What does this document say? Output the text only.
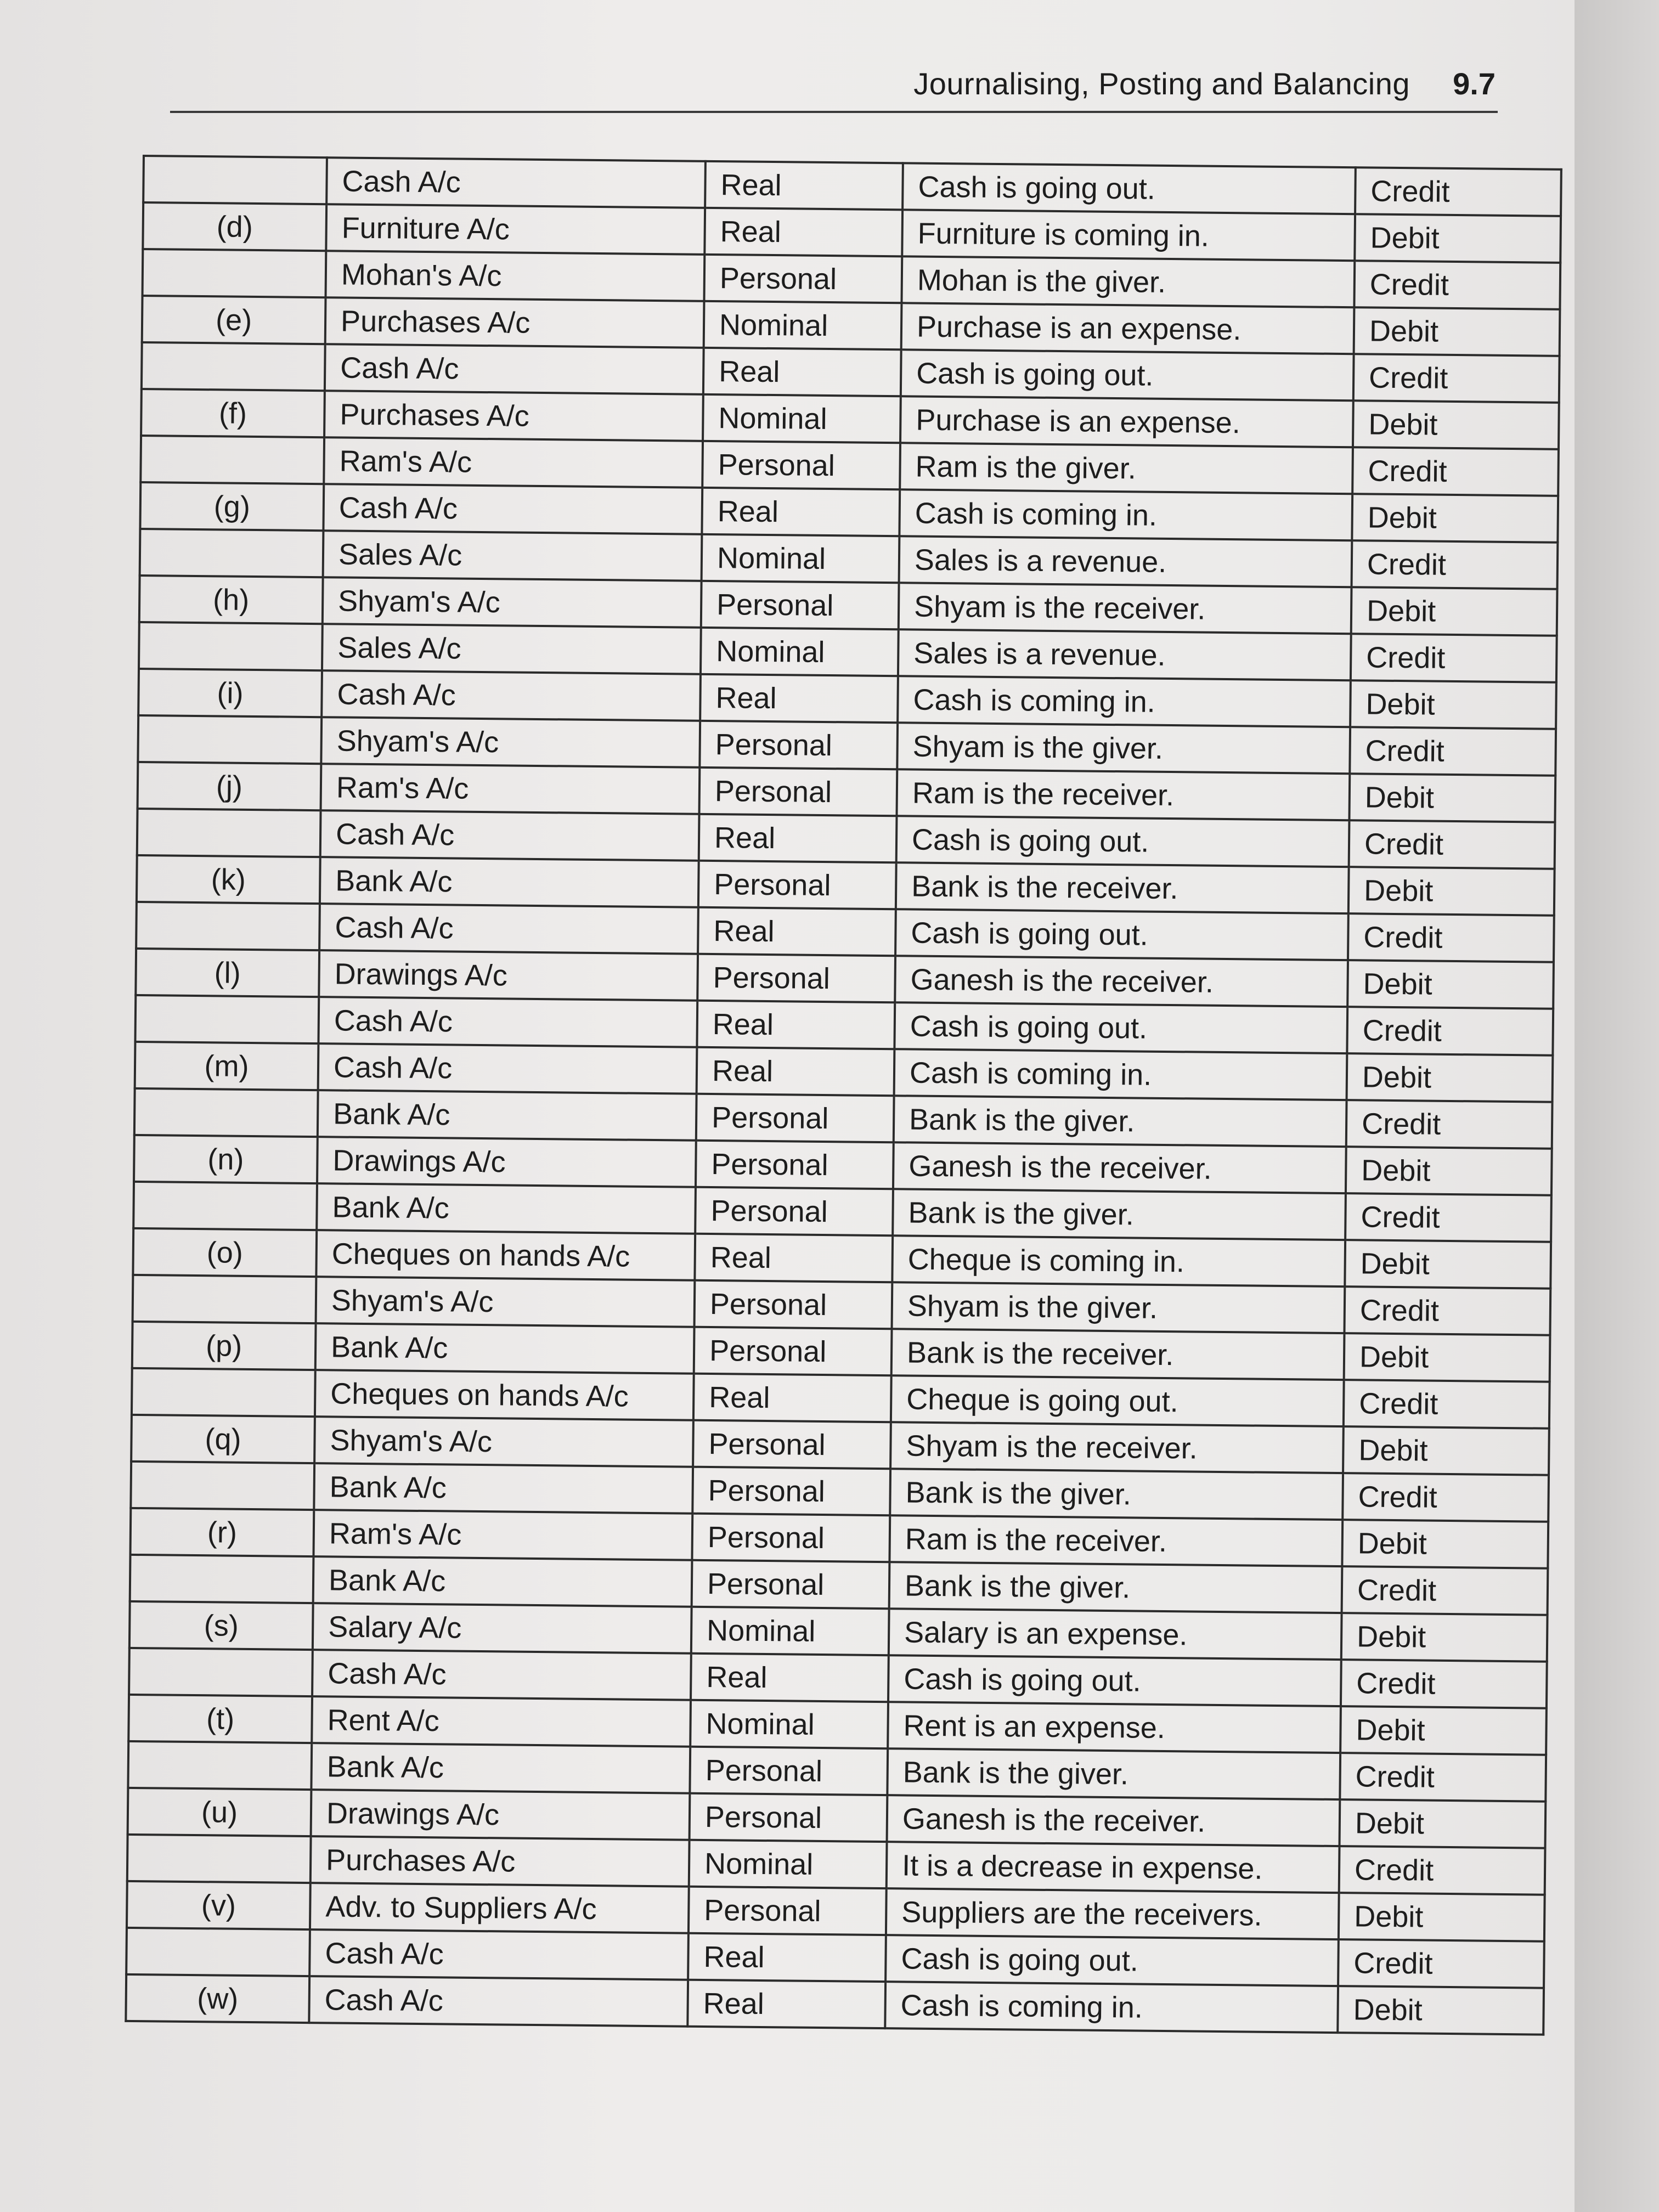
Journalising, Posting and Balancing 9.7
	Cash A/c	Real	Cash is going out.	Credit
(d)	Furniture A/c	Real	Furniture is coming in.	Debit
	Mohan's A/c	Personal	Mohan is the giver.	Credit
(e)	Purchases A/c	Nominal	Purchase is an expense.	Debit
	Cash A/c	Real	Cash is going out.	Credit
(f)	Purchases A/c	Nominal	Purchase is an expense.	Debit
	Ram's A/c	Personal	Ram is the giver.	Credit
(g)	Cash A/c	Real	Cash is coming in.	Debit
	Sales A/c	Nominal	Sales is a revenue.	Credit
(h)	Shyam's A/c	Personal	Shyam is the receiver.	Debit
	Sales A/c	Nominal	Sales is a revenue.	Credit
(i)	Cash A/c	Real	Cash is coming in.	Debit
	Shyam's A/c	Personal	Shyam is the giver.	Credit
(j)	Ram's A/c	Personal	Ram is the receiver.	Debit
	Cash A/c	Real	Cash is going out.	Credit
(k)	Bank A/c	Personal	Bank is the receiver.	Debit
	Cash A/c	Real	Cash is going out.	Credit
(l)	Drawings A/c	Personal	Ganesh is the receiver.	Debit
	Cash A/c	Real	Cash is going out.	Credit
(m)	Cash A/c	Real	Cash is coming in.	Debit
	Bank A/c	Personal	Bank is the giver.	Credit
(n)	Drawings A/c	Personal	Ganesh is the receiver.	Debit
	Bank A/c	Personal	Bank is the giver.	Credit
(o)	Cheques on hands A/c	Real	Cheque is coming in.	Debit
	Shyam's A/c	Personal	Shyam is the giver.	Credit
(p)	Bank A/c	Personal	Bank is the receiver.	Debit
	Cheques on hands A/c	Real	Cheque is going out.	Credit
(q)	Shyam's A/c	Personal	Shyam is the receiver.	Debit
	Bank A/c	Personal	Bank is the giver.	Credit
(r)	Ram's A/c	Personal	Ram is the receiver.	Debit
	Bank A/c	Personal	Bank is the giver.	Credit
(s)	Salary A/c	Nominal	Salary is an expense.	Debit
	Cash A/c	Real	Cash is going out.	Credit
(t)	Rent A/c	Nominal	Rent is an expense.	Debit
	Bank A/c	Personal	Bank is the giver.	Credit
(u)	Drawings A/c	Personal	Ganesh is the receiver.	Debit
	Purchases A/c	Nominal	It is a decrease in expense.	Credit
(v)	Adv. to Suppliers A/c	Personal	Suppliers are the receivers.	Debit
	Cash A/c	Real	Cash is going out.	Credit
(w)	Cash A/c	Real	Cash is coming in.	Debit
